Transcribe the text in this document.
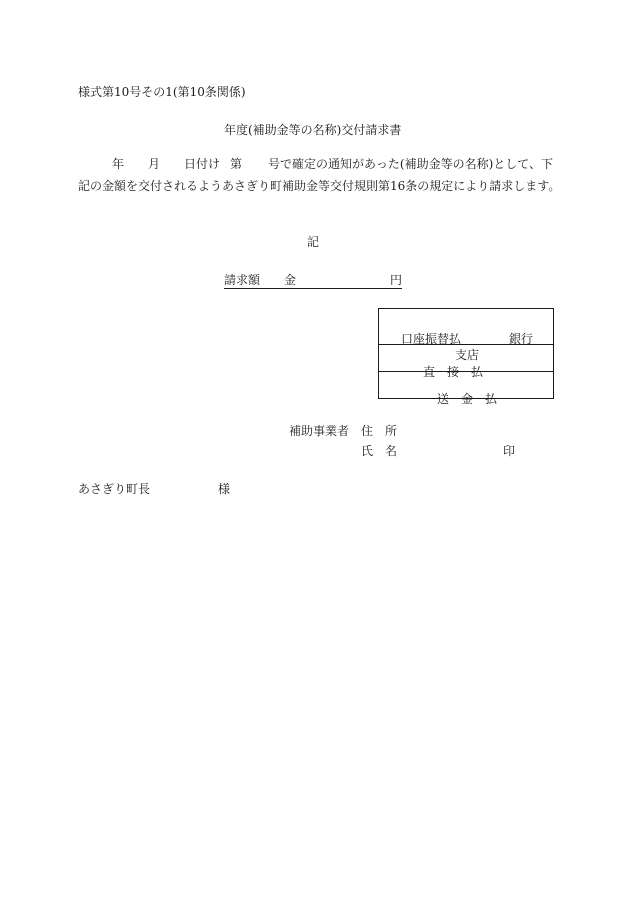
様式第10号その1(第10条関係)
年度(補助金等の名称)交付請求書
年 月 日付け 第 号で確定の通知があった(補助金等の名称)として、下
記の金額を交付されるようあさぎり町補助金等交付規則第16条の規定により請求します。
記
請求額 金	円
口座振替払	銀行
支店

直　接　払

送　金　払
補助事業者 住　所
氏　名	印
あさぎり町長	様
